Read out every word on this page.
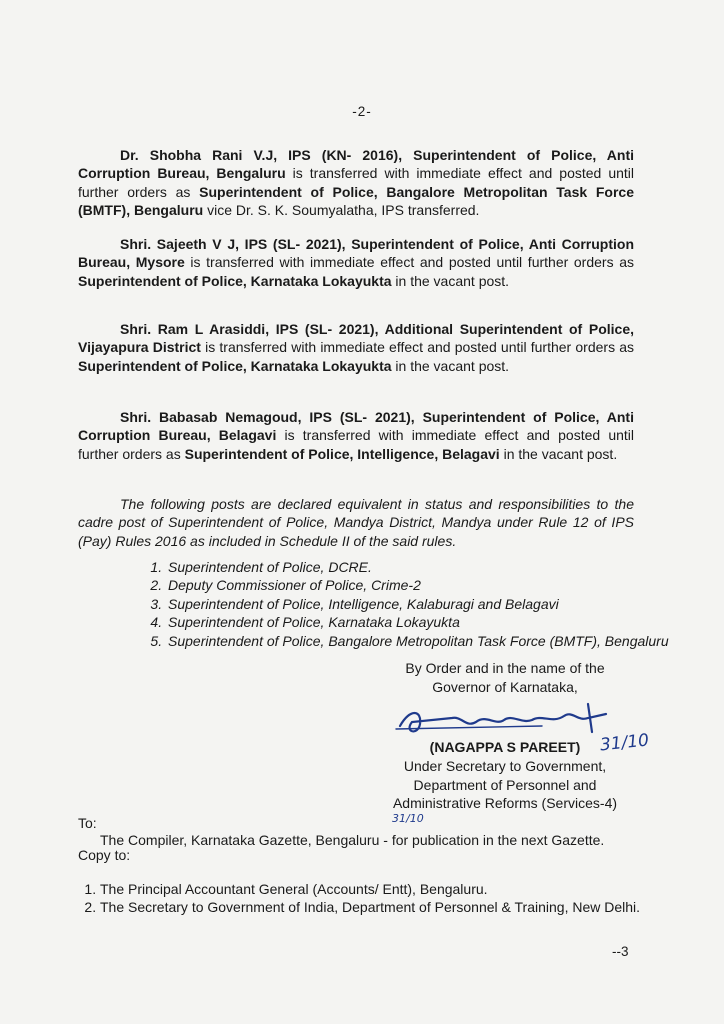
-2-
Dr. Shobha Rani V.J, IPS (KN- 2016), Superintendent of Police, Anti Corruption Bureau, Bengaluru is transferred with immediate effect and posted until further orders as Superintendent of Police, Bangalore Metropolitan Task Force (BMTF), Bengaluru vice Dr. S. K. Soumyalatha, IPS transferred.
Shri. Sajeeth V J, IPS (SL- 2021), Superintendent of Police, Anti Corruption Bureau, Mysore is transferred with immediate effect and posted until further orders as Superintendent of Police, Karnataka Lokayukta in the vacant post.
Shri. Ram L Arasiddi, IPS (SL- 2021), Additional Superintendent of Police, Vijayapura District is transferred with immediate effect and posted until further orders as Superintendent of Police, Karnataka Lokayukta in the vacant post.
Shri. Babasab Nemagoud, IPS (SL- 2021), Superintendent of Police, Anti Corruption Bureau, Belagavi is transferred with immediate effect and posted until further orders as Superintendent of Police, Intelligence, Belagavi in the vacant post.
The following posts are declared equivalent in status and responsibilities to the cadre post of Superintendent of Police, Mandya District, Mandya under Rule 12 of IPS (Pay) Rules 2016 as included in Schedule II of the said rules.
1. Superintendent of Police, DCRE.
2. Deputy Commissioner of Police, Crime-2
3. Superintendent of Police, Intelligence, Kalaburagi and Belagavi
4. Superintendent of Police, Karnataka Lokayukta
5. Superintendent of Police, Bangalore Metropolitan Task Force (BMTF), Bengaluru
By Order and in the name of the
Governor of Karnataka,
31/10
(NAGAPPA S PAREET)
Under Secretary to Government,
Department of Personnel and
Administrative Reforms (Services-4)
To:	31/10
The Compiler, Karnataka Gazette, Bengaluru - for publication in the next Gazette.
Copy to:
1. The Principal Accountant General (Accounts/ Entt), Bengaluru.
2. The Secretary to Government of India, Department of Personnel & Training, New Delhi.
--3
